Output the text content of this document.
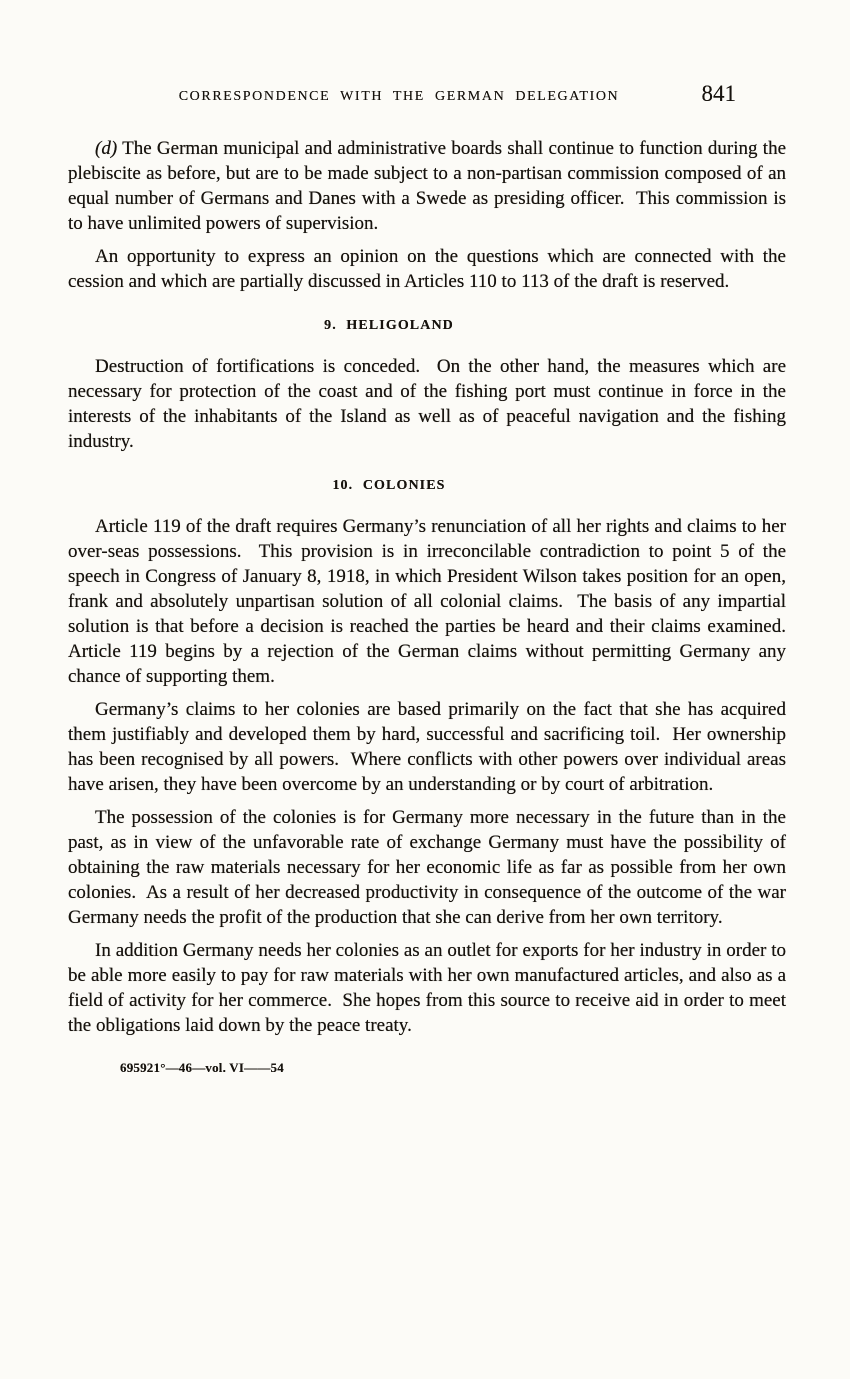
CORRESPONDENCE WITH THE GERMAN DELEGATION	841

(d) The German municipal and administrative boards shall continue to function during the plebiscite as before, but are to be made subject to a non-partisan commission composed of an equal number of Germans and Danes with a Swede as presiding officer.  This commission is to have unlimited powers of supervision.

An opportunity to express an opinion on the questions which are connected with the cession and which are partially discussed in Articles 110 to 113 of the draft is reserved.

9. HELIGOLAND

Destruction of fortifications is conceded.  On the other hand, the measures which are necessary for protection of the coast and of the fishing port must continue in force in the interests of the inhabitants of the Island as well as of peaceful navigation and the fishing industry.

10. COLONIES

Article 119 of the draft requires Germany’s renunciation of all her rights and claims to her over-seas possessions.  This provision is in irreconcilable contradiction to point 5 of the speech in Congress of January 8, 1918, in which President Wilson takes position for an open, frank and absolutely unpartisan solution of all colonial claims.  The basis of any impartial solution is that before a decision is reached the parties be heard and their claims examined.  Article 119 begins by a rejection of the German claims without permitting Germany any chance of supporting them.

Germany’s claims to her colonies are based primarily on the fact that she has acquired them justifiably and developed them by hard, successful and sacrificing toil.  Her ownership has been recognised by all powers.  Where conflicts with other powers over individual areas have arisen, they have been overcome by an understanding or by court of arbitration.

The possession of the colonies is for Germany more necessary in the future than in the past, as in view of the unfavorable rate of exchange Germany must have the possibility of obtaining the raw materials necessary for her economic life as far as possible from her own colonies.  As a result of her decreased productivity in consequence of the outcome of the war Germany needs the profit of the production that she can derive from her own territory.

In addition Germany needs her colonies as an outlet for exports for her industry in order to be able more easily to pay for raw materials with her own manufactured articles, and also as a field of activity for her commerce.  She hopes from this source to receive aid in order to meet the obligations laid down by the peace treaty.

695921°—46—vol. VI——54
